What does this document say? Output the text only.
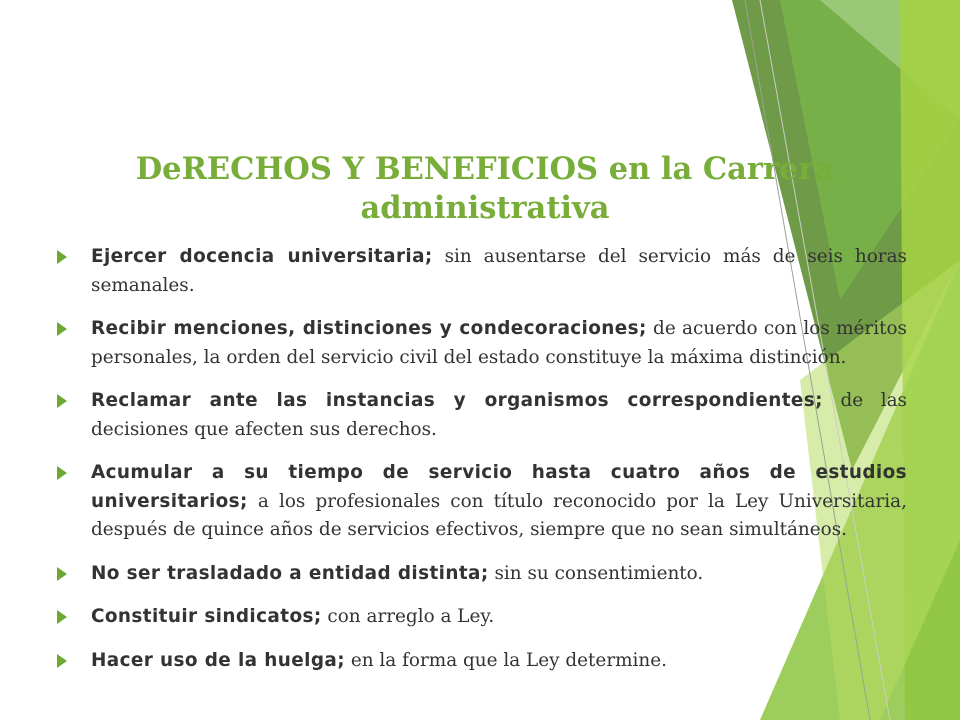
DeRECHOS Y BENEFICIOS en la Carrera
administrativa
Ejercer docencia universitaria; sin ausentarse del servicio más de seis horas semanales.
Recibir menciones, distinciones y condecoraciones; de acuerdo con los méritos personales, la orden del servicio civil del estado constituye la máxima distinción.
Reclamar ante las instancias y organismos correspondientes; de las decisiones que afecten sus derechos.
Acumular a su tiempo de servicio hasta cuatro años de estudios universitarios; a los profesionales con título reconocido por la Ley Universitaria, después de quince años de servicios efectivos, siempre que no sean simultáneos.
No ser trasladado a entidad distinta; sin su consentimiento.
Constituir sindicatos; con arreglo a Ley.
Hacer uso de la huelga; en la forma que la Ley determine.
